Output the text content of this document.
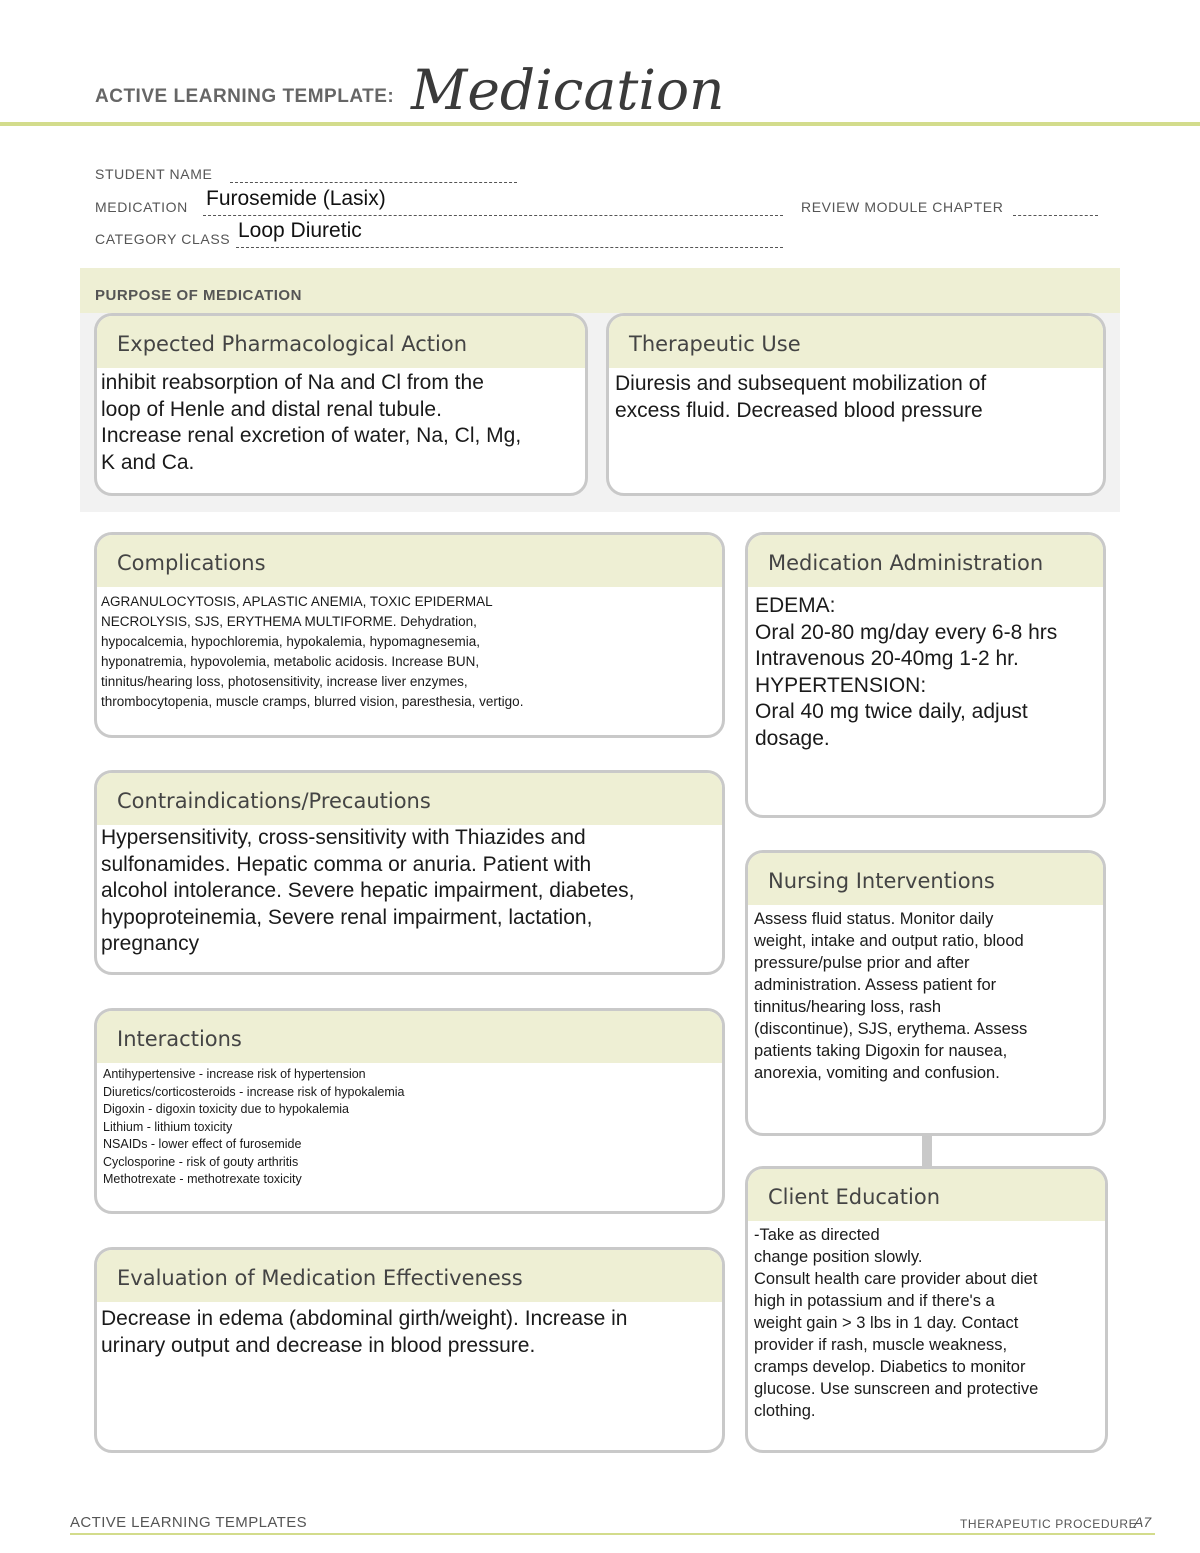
ACTIVE LEARNING TEMPLATE: Medication
STUDENT NAME
MEDICATION Furosemide (Lasix)	REVIEW MODULE CHAPTER
CATEGORY CLASS Loop Diuretic
PURPOSE OF MEDICATION
Expected Pharmacological Action
inhibit reabsorption of Na and Cl from the
loop of Henle and distal renal tubule.
Increase renal excretion of water, Na, Cl, Mg,
K and Ca.
Therapeutic Use
Diuresis and subsequent mobilization of
excess fluid. Decreased blood pressure
Complications
AGRANULOCYTOSIS, APLASTIC ANEMIA, TOXIC EPIDERMAL
NECROLYSIS, SJS, ERYTHEMA MULTIFORME. Dehydration,
hypocalcemia, hypochloremia, hypokalemia, hypomagnesemia,
hyponatremia, hypovolemia, metabolic acidosis. Increase BUN,
tinnitus/hearing loss, photosensitivity, increase liver enzymes,
thrombocytopenia, muscle cramps, blurred vision, paresthesia, vertigo.
Medication Administration
EDEMA:
Oral 20-80 mg/day every 6-8 hrs
Intravenous 20-40mg 1-2 hr.
HYPERTENSION:
Oral 40 mg twice daily, adjust
dosage.
Contraindications/Precautions
Hypersensitivity, cross-sensitivity with Thiazides and
sulfonamides. Hepatic comma or anuria. Patient with
alcohol intolerance. Severe hepatic impairment, diabetes,
hypoproteinemia, Severe renal impairment, lactation,
pregnancy
Nursing Interventions
Assess fluid status. Monitor daily
weight, intake and output ratio, blood
pressure/pulse prior and after
administration. Assess patient for
tinnitus/hearing loss, rash
(discontinue), SJS, erythema. Assess
patients taking Digoxin for nausea,
anorexia, vomiting and confusion.
Interactions
Antihypertensive - increase risk of hypertension
Diuretics/corticosteroids - increase risk of hypokalemia
Digoxin - digoxin toxicity due to hypokalemia
Lithium - lithium toxicity
NSAIDs - lower effect of furosemide
Cyclosporine - risk of gouty arthritis
Methotrexate - methotrexate toxicity
Client Education
-Take as directed
change position slowly.
Consult health care provider about diet
high in potassium and if there's a
weight gain > 3 lbs in 1 day. Contact
provider if rash, muscle weakness,
cramps develop. Diabetics to monitor
glucose. Use sunscreen and protective
clothing.
Evaluation of Medication Effectiveness
Decrease in edema (abdominal girth/weight). Increase in
urinary output and decrease in blood pressure.
ACTIVE LEARNING TEMPLATES	THERAPEUTIC PROCEDURE
A7
